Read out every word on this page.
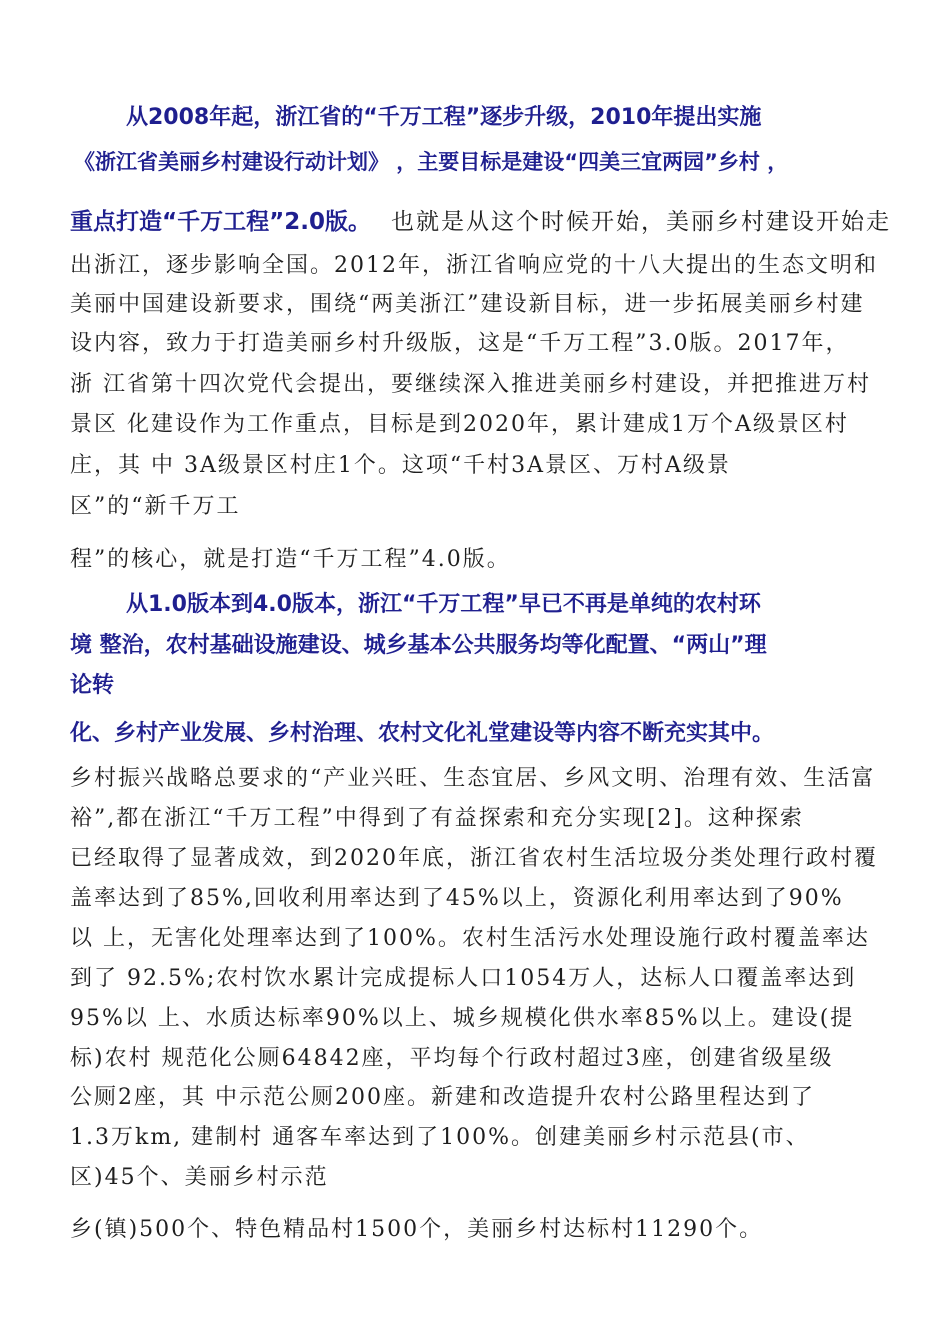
从2008年起，浙江省的“千万工程”逐步升级，2010年提出实施

《浙江省美丽乡村建设行动计划》 ，主要目标是建设“四美三宜两园”乡村 ，

重点打造“千万工程”2.0版。 也就是从这个时候开始，美丽乡村建设开始走

出浙江，逐步影响全国。2012年，浙江省响应党的十八大提出的生态文明和

美丽中国建设新要求，围绕“两美浙江”建设新目标，进一步拓展美丽乡村建

设内容，致力于打造美丽乡村升级版，这是“千万工程”3.0版。2017年，

浙 江省第十四次党代会提出，要继续深入推进美丽乡村建设，并把推进万村

景区 化建设作为工作重点，目标是到2020年，累计建成1万个A级景区村

庄，其 中 3A级景区村庄1个。这项“千村3A景区、万村A级景

区”的“新千万工

程”的核心，就是打造“千万工程”4.0版。

从1.0版本到4.0版本，浙江“千万工程”早已不再是单纯的农村环

境 整治，农村基础设施建设、城乡基本公共服务均等化配置、“两山”理

论转

化、乡村产业发展、乡村治理、农村文化礼堂建设等内容不断充实其中。

乡村振兴战略总要求的“产业兴旺、生态宜居、乡风文明、治理有效、生活富

裕”,都在浙江“千万工程”中得到了有益探索和充分实现[2]。这种探索

已经取得了显著成效，到2020年底，浙江省农村生活垃圾分类处理行政村覆

盖率达到了85%,回收利用率达到了45%以上，资源化利用率达到了90%

以 上，无害化处理率达到了100%。农村生活污水处理设施行政村覆盖率达

到了 92.5%;农村饮水累计完成提标人口1054万人，达标人口覆盖率达到

95%以 上、水质达标率90%以上、城乡规模化供水率85%以上。建设(提

标)农村 规范化公厕64842座，平均每个行政村超过3座，创建省级星级

公厕2座，其 中示范公厕200座。新建和改造提升农村公路里程达到了

1.3万km, 建制村 通客车率达到了100%。创建美丽乡村示范县(市、

区)45个、美丽乡村示范

乡(镇)500个、特色精品村1500个，美丽乡村达标村11290个。
